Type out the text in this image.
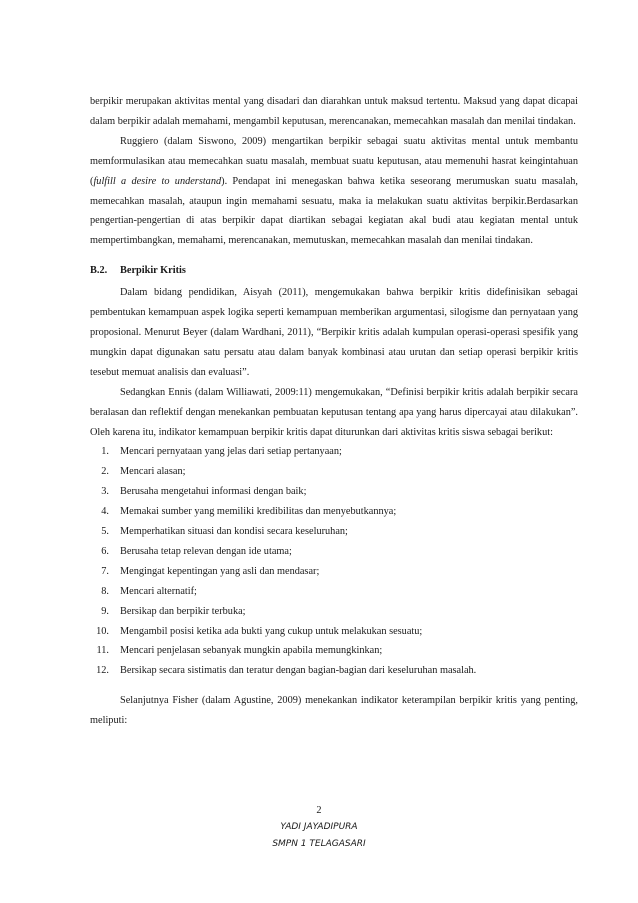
berpikir merupakan aktivitas mental yang disadari dan diarahkan untuk maksud tertentu. Maksud yang dapat dicapai dalam berpikir adalah memahami, mengambil keputusan, merencanakan, memecahkan masalah dan menilai tindakan.

Ruggiero (dalam Siswono, 2009) mengartikan berpikir sebagai suatu aktivitas mental untuk membantu memformulasikan atau memecahkan suatu masalah, membuat suatu keputusan, atau memenuhi hasrat keingintahuan (fulfill a desire to understand). Pendapat ini menegaskan bahwa ketika seseorang merumuskan suatu masalah, memecahkan masalah, ataupun ingin memahami sesuatu, maka ia melakukan suatu aktivitas berpikir.Berdasarkan pengertian-pengertian di atas berpikir dapat diartikan sebagai kegiatan akal budi atau kegiatan mental untuk mempertimbangkan, memahami, merencanakan, memutuskan, memecahkan masalah dan menilai tindakan.

B.2. Berpikir Kritis

Dalam bidang pendidikan, Aisyah (2011), mengemukakan bahwa berpikir kritis didefinisikan sebagai pembentukan kemampuan aspek logika seperti kemampuan memberikan argumentasi, silogisme dan pernyataan yang proposional. Menurut Beyer (dalam Wardhani, 2011), “Berpikir kritis adalah kumpulan operasi-operasi spesifik yang mungkin dapat digunakan satu persatu atau dalam banyak kombinasi atau urutan dan setiap operasi berpikir kritis tesebut memuat analisis dan evaluasi”.

Sedangkan Ennis (dalam Williawati, 2009:11) mengemukakan, “Definisi berpikir kritis adalah berpikir secara beralasan dan reflektif dengan menekankan pembuatan keputusan tentang apa yang harus dipercayai atau dilakukan”. Oleh karena itu, indikator kemampuan berpikir kritis dapat diturunkan dari aktivitas kritis siswa sebagai berikut:

1. Mencari pernyataan yang jelas dari setiap pertanyaan;
2. Mencari alasan;
3. Berusaha mengetahui informasi dengan baik;
4. Memakai sumber yang memiliki kredibilitas dan menyebutkannya;
5. Memperhatikan situasi dan kondisi secara keseluruhan;
6. Berusaha tetap relevan dengan ide utama;
7. Mengingat kepentingan yang asli dan mendasar;
8. Mencari alternatif;
9. Bersikap dan berpikir terbuka;
10. Mengambil posisi ketika ada bukti yang cukup untuk melakukan sesuatu;
11. Mencari penjelasan sebanyak mungkin apabila memungkinkan;
12. Bersikap secara sistimatis dan teratur dengan bagian-bagian dari keseluruhan masalah.

Selanjutnya Fisher (dalam Agustine, 2009) menekankan indikator keterampilan berpikir kritis yang penting, meliputi:

2
YADI JAYADIPURA
SMPN 1 TELAGASARI
